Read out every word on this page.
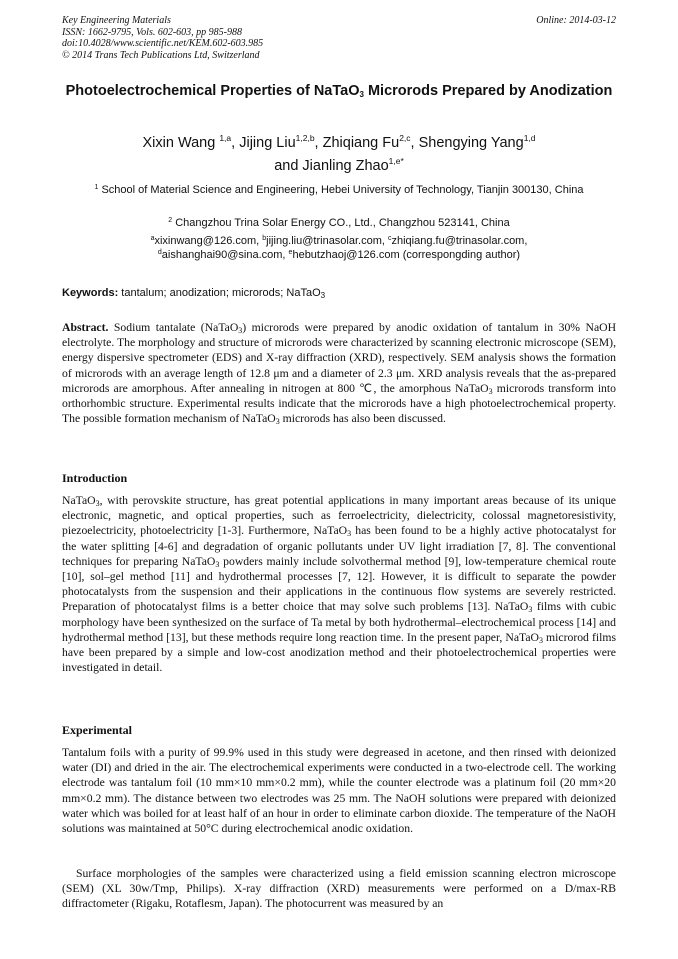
Key Engineering Materials
ISSN: 1662-9795, Vols. 602-603, pp 985-988
doi:10.4028/www.scientific.net/KEM.602-603.985
© 2014 Trans Tech Publications Ltd, Switzerland
Online: 2014-03-12
Photoelectrochemical Properties of NaTaO$_3$ Microrods Prepared by Anodization
Xixin Wang $^{1,a}$, Jijing Liu$^{1,2,b}$, Zhiqiang Fu$^{2,c}$, Shengying Yang$^{1,d}$
and Jianling Zhao$^{1,e*}$
$^1$ School of Material Science and Engineering, Hebei University of Technology, Tianjin 300130, China
$^2$ Changzhou Trina Solar Energy CO., Ltd., Changzhou 523141, China
$^a$xixinwang@126.com, $^b$jijing.liu@trinasolar.com, $^c$zhiqiang.fu@trinasolar.com,
$^d$aishanghai90@sina.com, $^e$hebutzhaoj@126.com (correspongding author)
Keywords: tantalum; anodization; microrods; NaTaO$_3$
Abstract. Sodium tantalate (NaTaO$_3$) microrods were prepared by anodic oxidation of tantalum in 30% NaOH electrolyte. The morphology and structure of microrods were characterized by scanning electronic microscope (SEM), energy dispersive spectrometer (EDS) and X-ray diffraction (XRD), respectively. SEM analysis shows the formation of microrods with an average length of 12.8 μm and a diameter of 2.3 μm. XRD analysis reveals that the as-prepared microrods are amorphous. After annealing in nitrogen at 800 ℃, the amorphous NaTaO$_3$ microrods transform into orthorhombic structure. Experimental results indicate that the microrods have a high photoelectrochemical property. The possible formation mechanism of NaTaO$_3$ microrods has also been discussed.
Introduction
NaTaO$_3$, with perovskite structure, has great potential applications in many important areas because of its unique electronic, magnetic, and optical properties, such as ferroelectricity, dielectricity, colossal magnetoresistivity, piezoelectricity, photoelectricity [1-3]. Furthermore, NaTaO$_3$ has been found to be a highly active photocatalyst for the water splitting [4-6] and degradation of organic pollutants under UV light irradiation [7, 8]. The conventional techniques for preparing NaTaO$_3$ powders mainly include solvothermal method [9], low-temperature chemical route [10], sol–gel method [11] and hydrothermal processes [7, 12]. However, it is difficult to separate the powder photocatalysts from the suspension and their applications in the continuous flow systems are severely restricted. Preparation of photocatalyst films is a better choice that may solve such problems [13]. NaTaO$_3$ films with cubic morphology have been synthesized on the surface of Ta metal by both hydrothermal–electrochemical process [14] and hydrothermal method [13], but these methods require long reaction time. In the present paper, NaTaO$_3$ microrod films have been prepared by a simple and low-cost anodization method and their photoelectrochemical properties were investigated in detail.
Experimental
Tantalum foils with a purity of 99.9% used in this study were degreased in acetone, and then rinsed with deionized water (DI) and dried in the air. The electrochemical experiments were conducted in a two-electrode cell. The working electrode was tantalum foil (10 mm×10 mm×0.2 mm), while the counter electrode was a platinum foil (20 mm×20 mm×0.2 mm). The distance between two electrodes was 25 mm. The NaOH solutions were prepared with deionized water which was boiled for at least half of an hour in order to eliminate carbon dioxide. The temperature of the NaOH solutions was maintained at 50°C during electrochemical anodic oxidation.
Surface morphologies of the samples were characterized using a field emission scanning electron microscope (SEM) (XL 30w/Tmp, Philips). X-ray diffraction (XRD) measurements were performed on a D/max-RB diffractometer (Rigaku, Rotaflesm, Japan). The photocurrent was measured by an
